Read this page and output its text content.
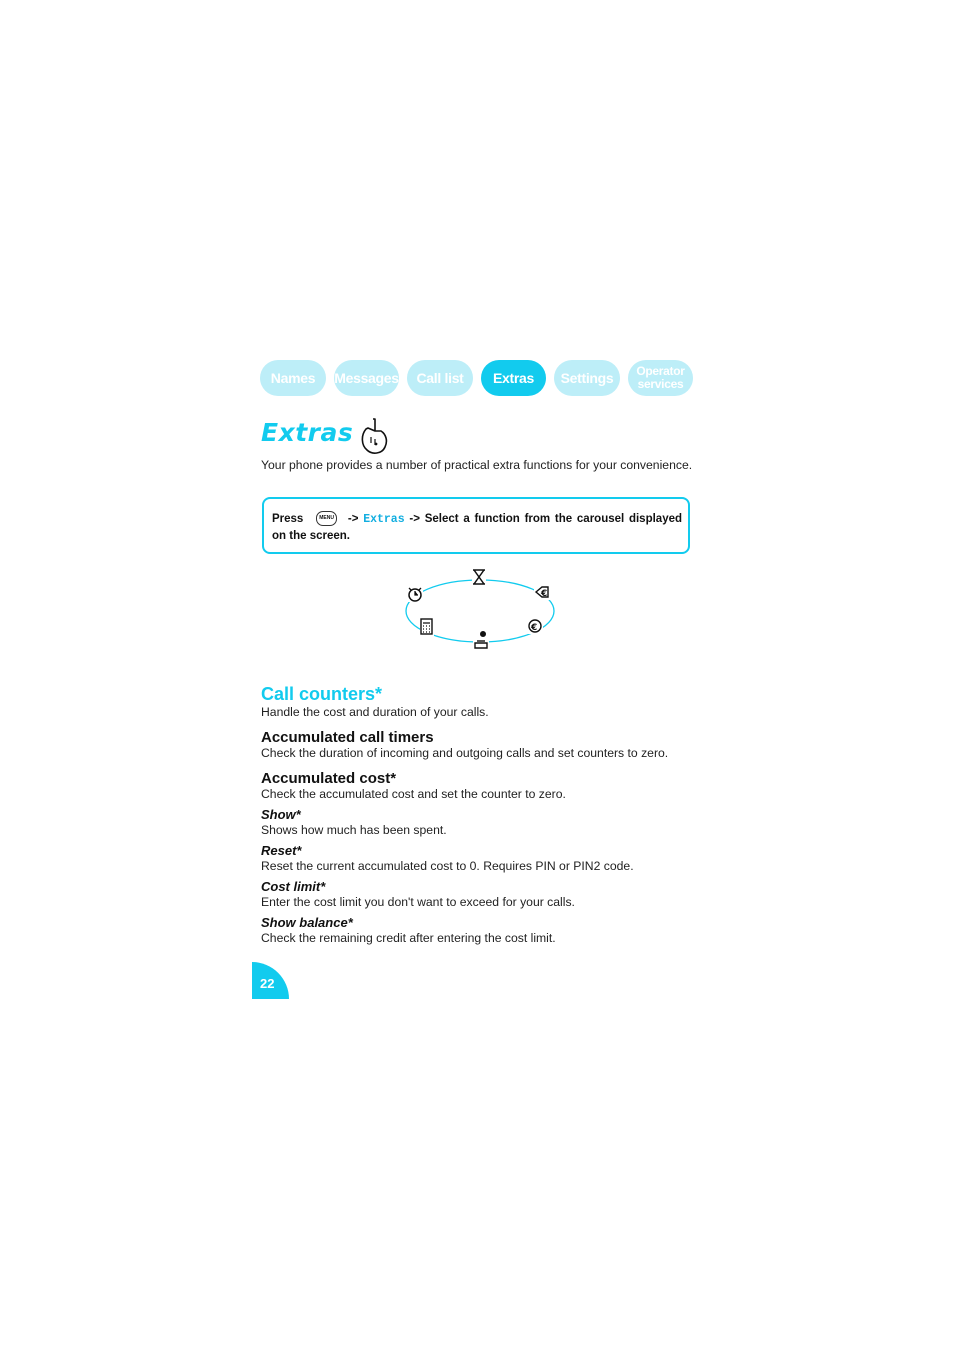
Names Messages Call list Extras Settings Operator
services
Extras
Your phone provides a number of practical extra functions for your convenience.
Press	MENU -> Extras -> Select a function from the carousel displayed on the screen.
€
€
Call counters*
Handle the cost and duration of your calls.
Accumulated call timers
Check the duration of incoming and outgoing calls and set counters to zero.
Accumulated cost*
Check the accumulated cost and set the counter to zero.
Show*
Shows how much has been spent.
Reset*
Reset the current accumulated cost to 0. Requires PIN or PIN2 code.
Cost limit*
Enter the cost limit you don't want to exceed for your calls.
Show balance*
Check the remaining credit after entering the cost limit.
22
